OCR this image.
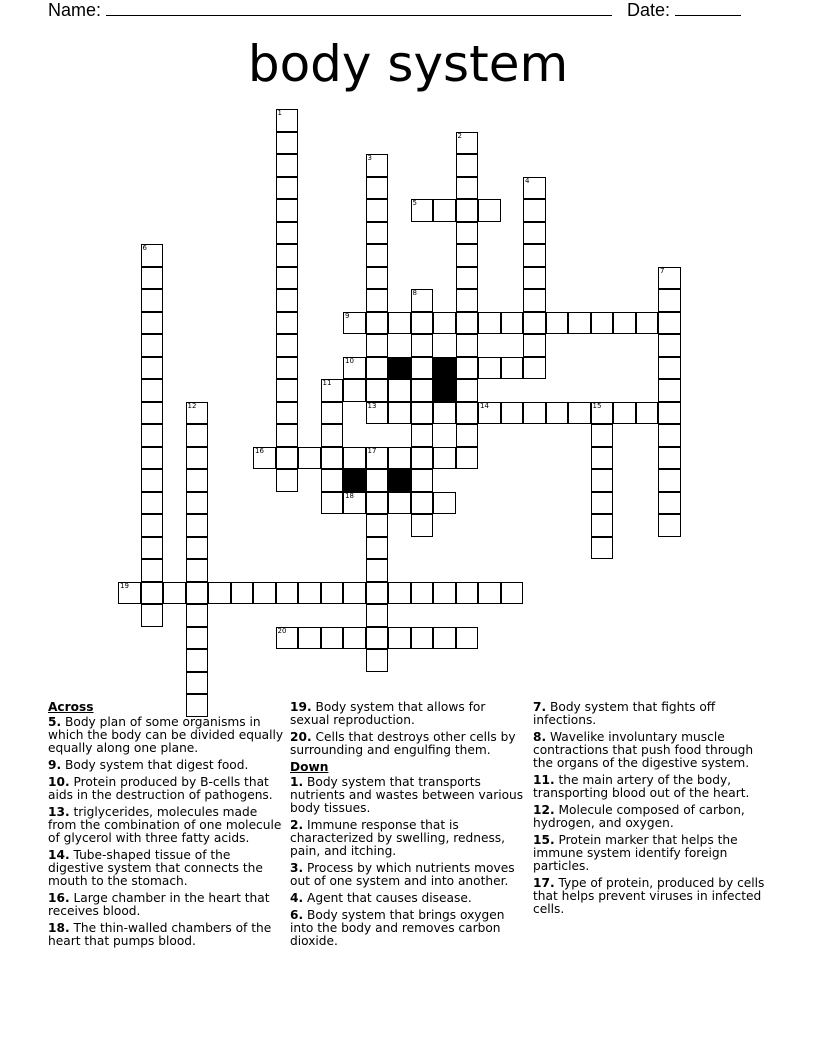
Name:	Date:
body system
1
2
3
4
6
7
8
11
12	15
17
5
9
10
13	14
16
18
19
20
Across
5. Body plan of some organisms in which the body can be divided equally equally along one plane.
9. Body system that digest food.
10. Protein produced by B-cells that aids in the destruction of pathogens.
13. triglycerides, molecules made from the combination of one molecule of glycerol with three fatty acids.
14. Tube-shaped tissue of the digestive system that connects the mouth to the stomach.
16. Large chamber in the heart that receives blood.
18. The thin-walled chambers of the heart that pumps blood.
19. Body system that allows for sexual reproduction.
20. Cells that destroys other cells by surrounding and engulfing them.
Down
1. Body system that transports nutrients and wastes between various body tissues.
2. Immune response that is characterized by swelling, redness, pain, and itching.
3. Process by which nutrients moves out of one system and into another.
4. Agent that causes disease.
6. Body system that brings oxygen into the body and removes carbon dioxide.
7. Body system that fights off infections.
8. Wavelike involuntary muscle contractions that push food through the organs of the digestive system.
11. the main artery of the body, transporting blood out of the heart.
12. Molecule composed of carbon, hydrogen, and oxygen.
15. Protein marker that helps the immune system identify foreign particles.
17. Type of protein, produced by cells that helps prevent viruses in infected cells.
